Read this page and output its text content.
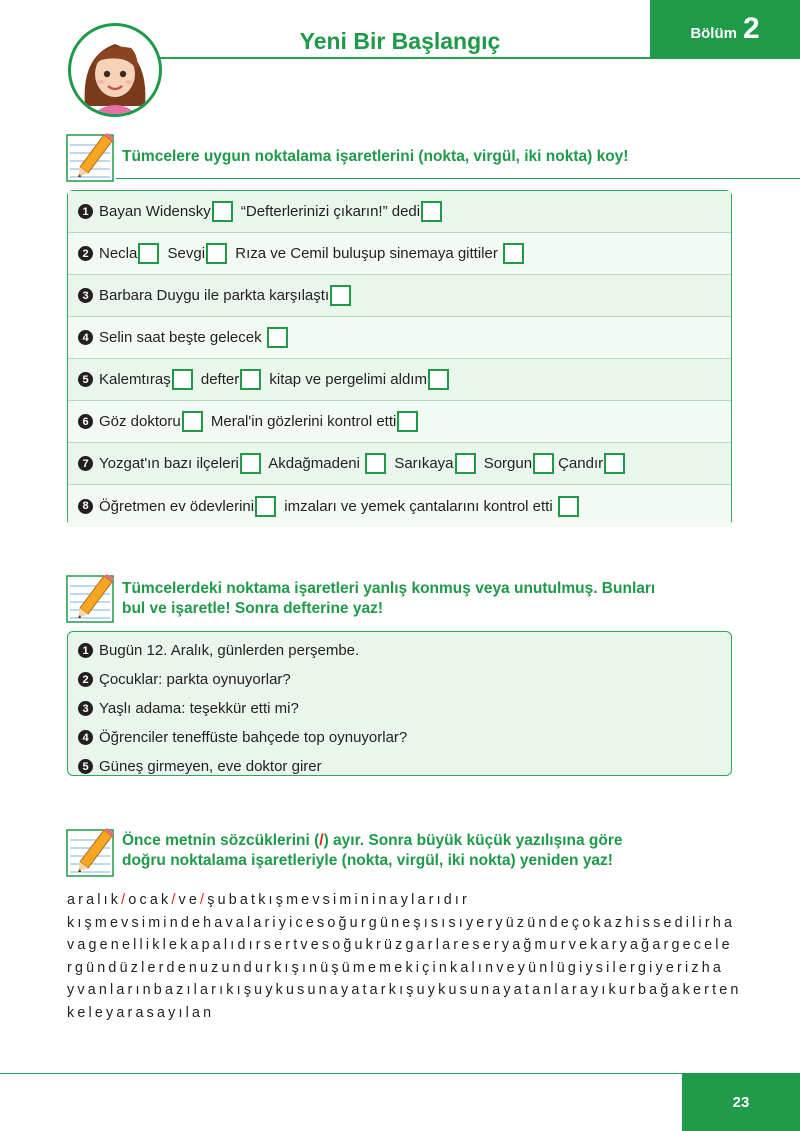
Yeni Bir Başlangıç	Bölüm 2
Tümcelere uygun noktalama işaretlerini (nokta, virgül, iki nokta) koy!
1 Bayan Widensky “Defterlerinizi çıkarın!” dedi
2 Necla Sevgi Rıza ve Cemil buluşup sinemaya gittiler
3 Barbara Duygu ile parkta karşılaştı
4 Selin saat beşte gelecek
5 Kalemtıraş defter kitap ve pergelimi aldım
6 Göz doktoru Meral'in gözlerini kontrol etti
7 Yozgat'ın bazı ilçeleri Akdağmadeni Sarıkaya Sorgun Çandır
8 Öğretmen ev ödevlerini imzaları ve yemek çantalarını kontrol etti
Tümcelerdeki noktama işaretleri yanlış konmuş veya unutulmuş. Bunları
bul ve işaretle! Sonra defterine yaz!
1 Bugün 12. Aralık, günlerden perşembe.
2 Çocuklar: parkta oynuyorlar?
3 Yaşlı adama: teşekkür etti mi?
4 Öğrenciler teneffüste bahçede top oynuyorlar?
5 Güneş girmeyen, eve doktor girer
Önce metnin sözcüklerini (/) ayır. Sonra büyük küçük yazılışına göre
doğru noktalama işaretleriyle (nokta, virgül, iki nokta) yeniden yaz!
aralık/ocak/ve/şubatkışmevsimininaylarıdır
kışmevsimindehavalariyicesoğurgüneşısısıyeryüzündeçokazhissedilirha
vagenelliklekapalıdırsertvesoğukrüzgarlareseryağmurvekaryağargecele
rgündüzlerdenuzundurkışınüşümemekiçinkalınveyünlügiysilergiyerizha
yvanlarınbazılarıkışuykusunayatarkışuykusunayatanlarayıkurbağakerten
keleyarasayılan
23
